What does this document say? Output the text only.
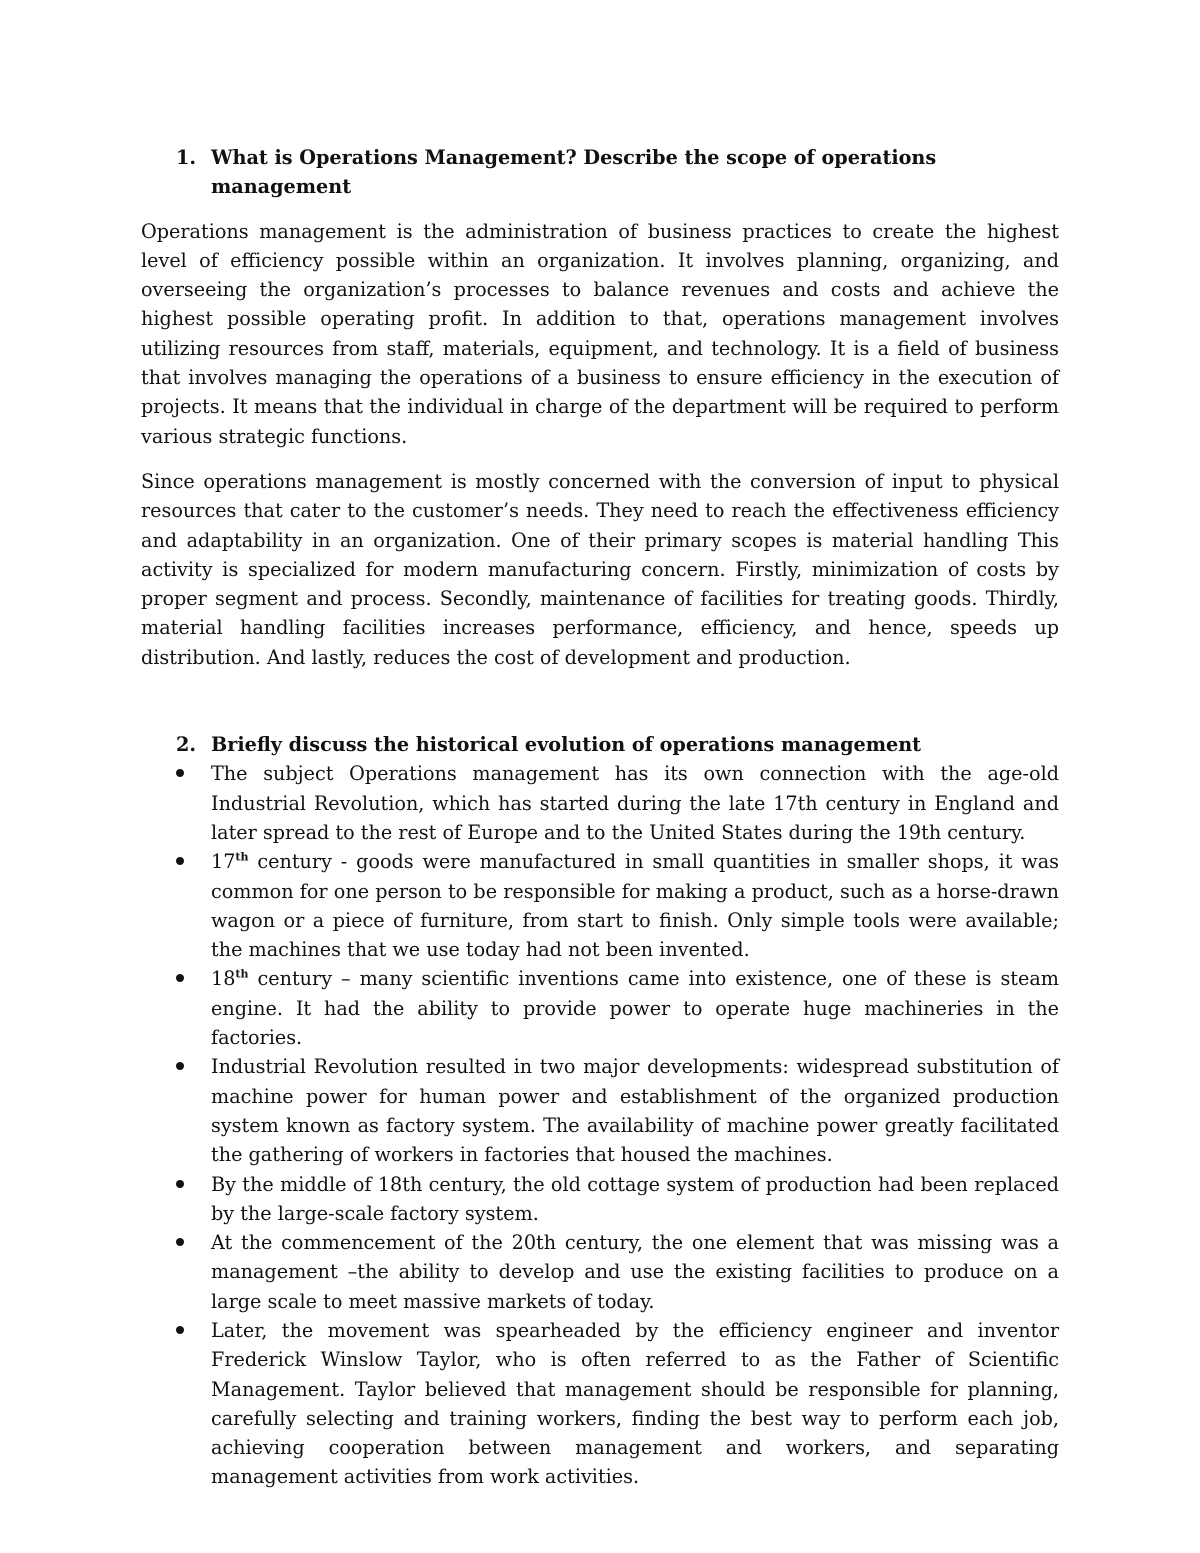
1. What is Operations Management? Describe the scope of operations management

Operations management is the administration of business practices to create the highest level of efficiency possible within an organization. It involves planning, organizing, and overseeing the organization’s processes to balance revenues and costs and achieve the highest possible operating profit. In addition to that, operations management involves utilizing resources from staff, materials, equipment, and technology. It is a field of business that involves managing the operations of a business to ensure efficiency in the execution of projects. It means that the individual in charge of the department will be required to perform various strategic functions.

Since operations management is mostly concerned with the conversion of input to physical resources that cater to the customer’s needs. They need to reach the effectiveness efficiency and adaptability in an organization. One of their primary scopes is material handling This activity is specialized for modern manufacturing concern. Firstly, minimization of costs by proper segment and process. Secondly, maintenance of facilities for treating goods. Thirdly, material handling facilities increases performance, efficiency, and hence, speeds up distribution. And lastly, reduces the cost of development and production.

2. Briefly discuss the historical evolution of operations management
The subject Operations management has its own connection with the age-old Industrial Revolution, which has started during the late 17th century in England and later spread to the rest of Europe and to the United States during the 19th century.
17th century - goods were manufactured in small quantities in smaller shops, it was common for one person to be responsible for making a product, such as a horse-drawn wagon or a piece of furniture, from start to finish. Only simple tools were available; the machines that we use today had not been invented.
18th century – many scientific inventions came into existence, one of these is steam engine. It had the ability to provide power to operate huge machineries in the factories.
Industrial Revolution resulted in two major developments: widespread substitution of machine power for human power and establishment of the organized production system known as factory system. The availability of machine power greatly facilitated the gathering of workers in factories that housed the machines.
By the middle of 18th century, the old cottage system of production had been replaced by the large-scale factory system.
At the commencement of the 20th century, the one element that was missing was a management –the ability to develop and use the existing facilities to produce on a large scale to meet massive markets of today.
Later, the movement was spearheaded by the efficiency engineer and inventor Frederick Winslow Taylor, who is often referred to as the Father of Scientific Management. Taylor believed that management should be responsible for planning, carefully selecting and training workers, finding the best way to perform each job, achieving cooperation between management and workers, and separating management activities from work activities.
